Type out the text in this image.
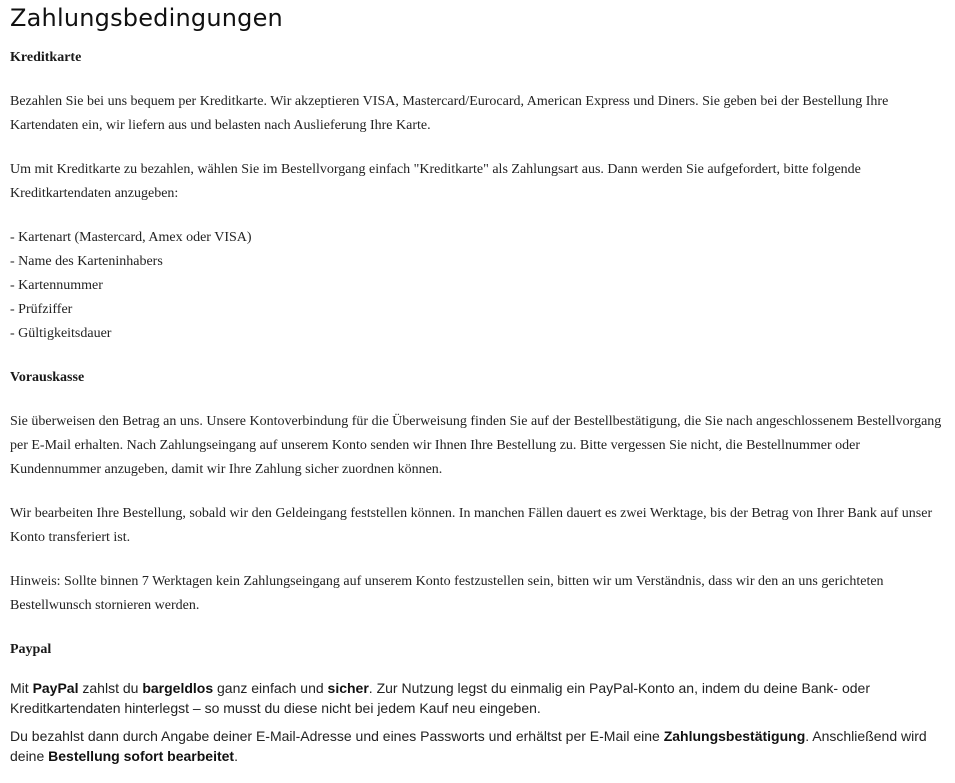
Zahlungsbedingungen
Kreditkarte

Bezahlen Sie bei uns bequem per Kreditkarte. Wir akzeptieren VISA, Mastercard/Eurocard, American Express und Diners. Sie geben bei der Bestellung Ihre Kartendaten ein, wir liefern aus und belasten nach Auslieferung Ihre Karte.

Um mit Kreditkarte zu bezahlen, wählen Sie im Bestellvorgang einfach "Kreditkarte" als Zahlungsart aus. Dann werden Sie aufgefordert, bitte folgende Kreditkartendaten anzugeben:

- Kartenart (Mastercard, Amex oder VISA)
- Name des Karteninhabers
- Kartennummer
- Prüfziffer
- Gültigkeitsdauer
Vorauskasse

Sie überweisen den Betrag an uns. Unsere Kontoverbindung für die Überweisung finden Sie auf der Bestellbestätigung, die Sie nach angeschlossenem Bestellvorgang per E-Mail erhalten. Nach Zahlungseingang auf unserem Konto senden wir Ihnen Ihre Bestellung zu. Bitte vergessen Sie nicht, die Bestellnummer oder Kundennummer anzugeben, damit wir Ihre Zahlung sicher zuordnen können.

Wir bearbeiten Ihre Bestellung, sobald wir den Geldeingang feststellen können. In manchen Fällen dauert es zwei Werktage, bis der Betrag von Ihrer Bank auf unser Konto transferiert ist.

Hinweis: Sollte binnen 7 Werktagen kein Zahlungseingang auf unserem Konto festzustellen sein, bitten wir um Verständnis, dass wir den an uns gerichteten Bestellwunsch stornieren werden.

Paypal

Mit PayPal zahlst du bargeldlos ganz einfach und sicher. Zur Nutzung legst du einmalig ein PayPal-Konto an, indem du deine Bank- oder Kreditkartendaten hinterlegst – so musst du diese nicht bei jedem Kauf neu eingeben.

Du bezahlst dann durch Angabe deiner E-Mail-Adresse und eines Passworts und erhältst per E-Mail eine Zahlungsbestätigung. Anschließend wird deine Bestellung sofort bearbeitet.
